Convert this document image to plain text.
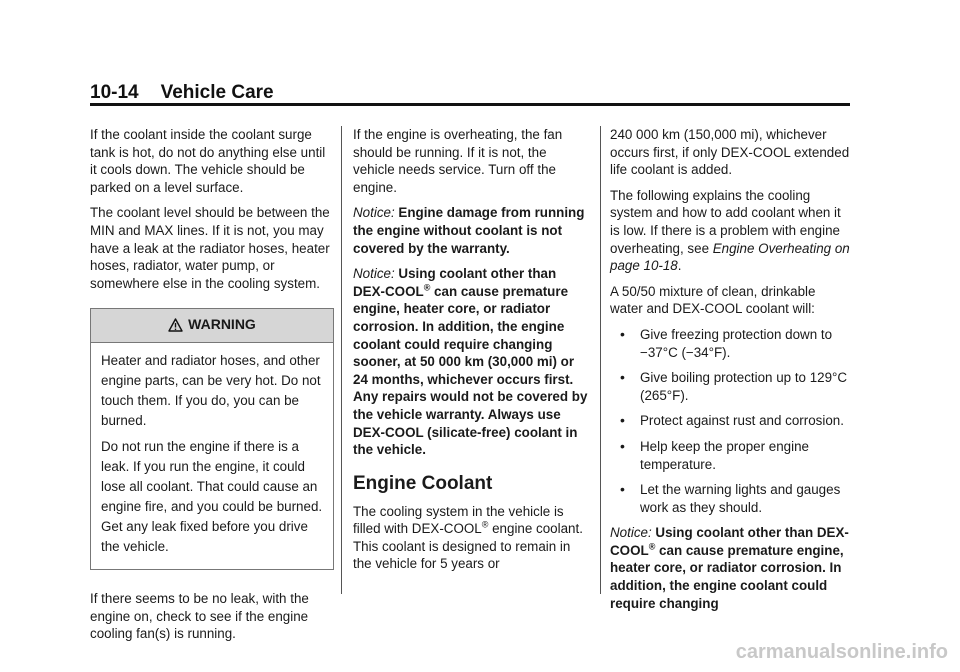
10-14 Vehicle Care

If the coolant inside the coolant surge tank is hot, do not do anything else until it cools down. The vehicle should be parked on a level surface.

The coolant level should be between the MIN and MAX lines. If it is not, you may have a leak at the radiator hoses, heater hoses, radiator, water pump, or somewhere else in the cooling system.

WARNING

Heater and radiator hoses, and other engine parts, can be very hot. Do not touch them. If you do, you can be burned.

Do not run the engine if there is a leak. If you run the engine, it could lose all coolant. That could cause an engine fire, and you could be burned. Get any leak fixed before you drive the vehicle.

If there seems to be no leak, with the engine on, check to see if the engine cooling fan(s) is running.

If the engine is overheating, the fan should be running. If it is not, the vehicle needs service. Turn off the engine.

Notice: Engine damage from running the engine without coolant is not covered by the warranty.

Notice: Using coolant other than DEX-COOL® can cause premature engine, heater core, or radiator corrosion. In addition, the engine coolant could require changing sooner, at 50 000 km (30,000 mi) or 24 months, whichever occurs first. Any repairs would not be covered by the vehicle warranty. Always use DEX-COOL (silicate-free) coolant in the vehicle.

Engine Coolant

The cooling system in the vehicle is filled with DEX-COOL® engine coolant. This coolant is designed to remain in the vehicle for 5 years or

240 000 km (150,000 mi), whichever occurs first, if only DEX-COOL extended life coolant is added.

The following explains the cooling system and how to add coolant when it is low. If there is a problem with engine overheating, see Engine Overheating on page 10-18.

A 50/50 mixture of clean, drinkable water and DEX-COOL coolant will:

• Give freezing protection down to −37°C (−34°F).
• Give boiling protection up to 129°C (265°F).
• Protect against rust and corrosion.
• Help keep the proper engine temperature.
• Let the warning lights and gauges work as they should.

Notice: Using coolant other than DEX-COOL® can cause premature engine, heater core, or radiator corrosion. In addition, the engine coolant could require changing

carmanualsonline.info
